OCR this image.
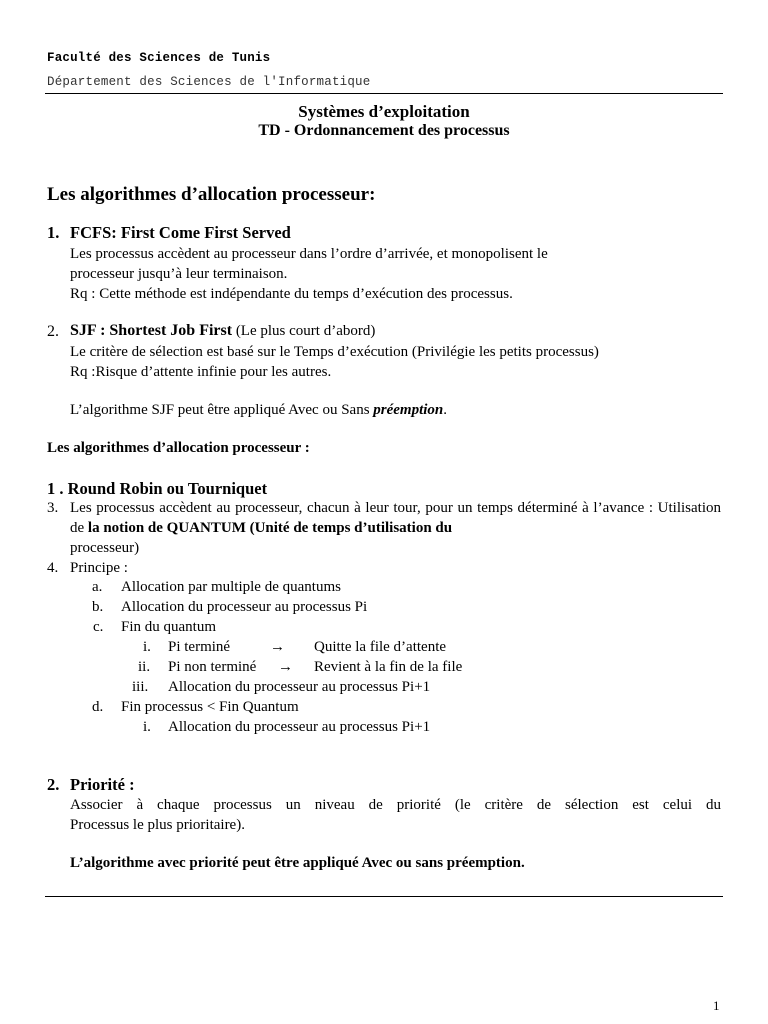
Faculté des Sciences de Tunis
Département des Sciences de l'Informatique
Systèmes d’exploitation
TD - Ordonnancement des processus
Les algorithmes d’allocation processeur:
1. FCFS: First Come First Served
Les processus accèdent au processeur dans l’ordre d’arrivée, et monopolisent le
processeur jusqu’à leur terminaison.
Rq : Cette méthode est indépendante du temps d’exécution des processus.
2. SJF : Shortest Job First (Le plus court d’abord)
Le critère de sélection est basé sur le Temps d’exécution (Privilégie les petits processus)
Rq :Risque d’attente infinie pour les autres.
L’algorithme SJF peut être appliqué Avec ou Sans préemption.
Les algorithmes d’allocation processeur :
1 . Round Robin ou Tourniquet
3. Les processus accèdent au processeur, chacun à leur tour, pour un temps déterminé à l’avance : Utilisation de la notion de QUANTUM (Unité de temps d’utilisation du
processeur)
4. Principe :
a. Allocation par multiple de quantums
b. Allocation du processeur au processus Pi
c. Fin du quantum
i. Pi terminé	→ Quitte la file d’attente
ii. Pi non terminé → Revient à la fin de la file
iii. Allocation du processeur au processus Pi+1
d. Fin processus < Fin Quantum
i. Allocation du processeur au processus Pi+1
2. Priorité :
Associer à chaque processus un niveau de priorité (le critère de sélection est celui du
Processus le plus prioritaire).
L’algorithme avec priorité peut être appliqué Avec ou sans préemption.
1
